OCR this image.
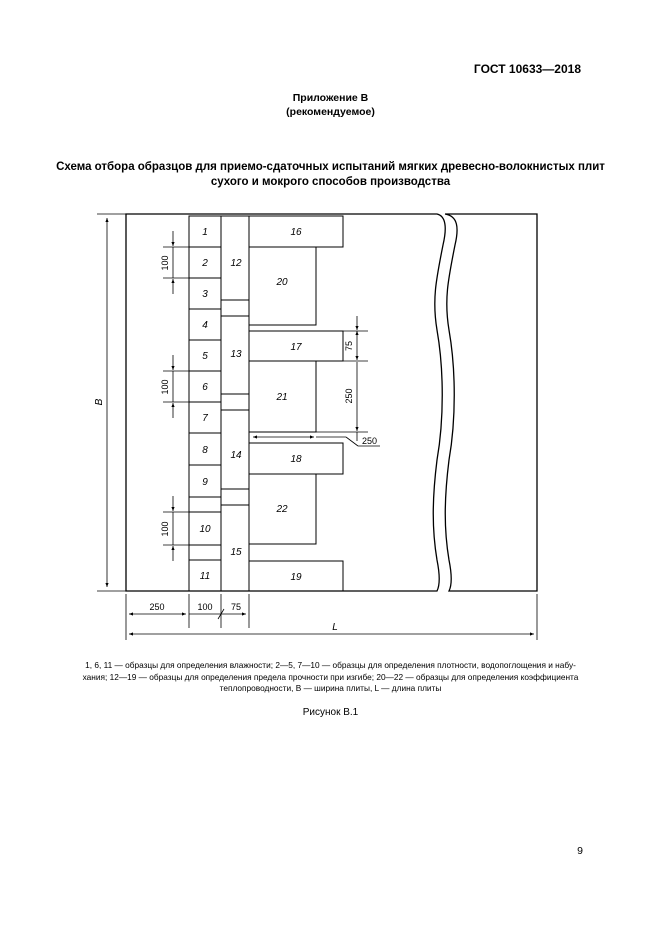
ГОСТ 10633—2018
Приложение В
(рекомендуемое)
Схема отбора образцов для приемо-сдаточных испытаний мягких древесно-волокнистых плит
сухого и мокрого способов производства
1
2
3
4
5
6
7
8
9
10
11
12
13
14
15
16
20
17
21
18
22
19
B
100
100
100
75
250
250
250	100 75
L
1, 6, 11 — образцы для определения влажности; 2—5, 7—10 — образцы для определения плотности, водопоглощения и набу-
хания; 12—19 — образцы для определения предела прочности при изгибе; 20—22 — образцы для определения коэффициента
теплопроводности, B — ширина плиты, L — длина плиты
Рисунок В.1
9
